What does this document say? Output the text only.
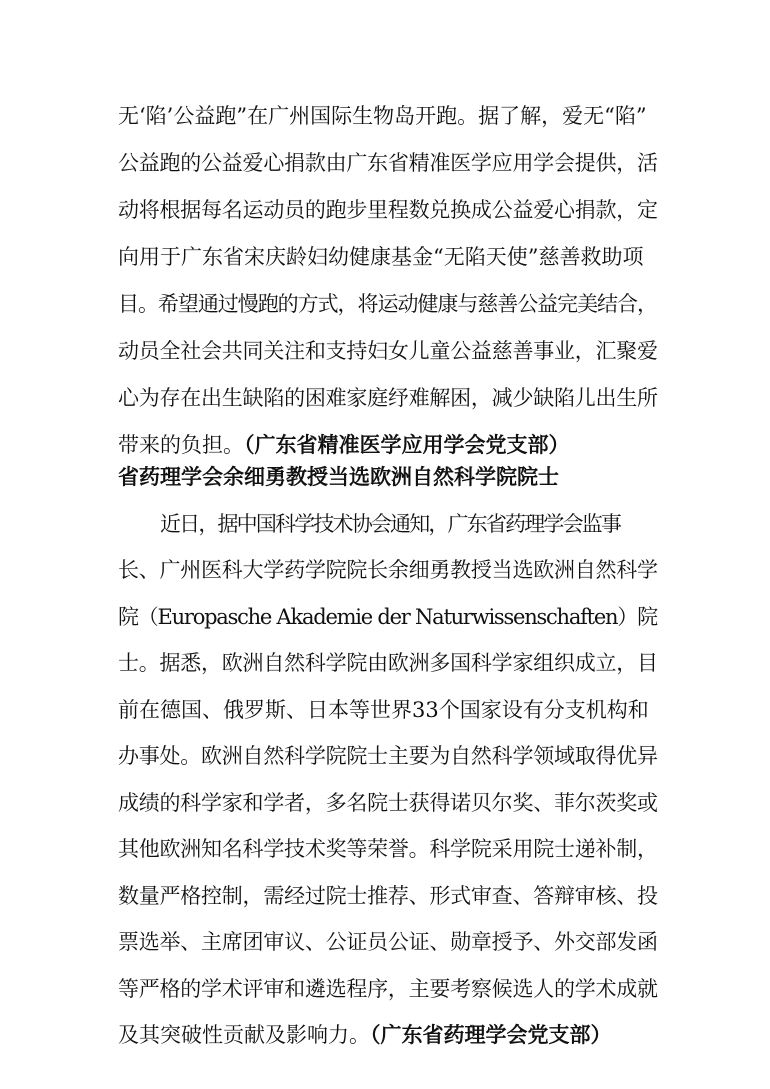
无‘陷’公益跑”在广州国际生物岛开跑。据了解，爱无“陷”
公益跑的公益爱心捐款由广东省精准医学应用学会提供，活
动将根据每名运动员的跑步里程数兑换成公益爱心捐款，定
向用于广东省宋庆龄妇幼健康基金“无陷天使”慈善救助项
目。希望通过慢跑的方式，将运动健康与慈善公益完美结合，
动员全社会共同关注和支持妇女儿童公益慈善事业，汇聚爱
心为存在出生缺陷的困难家庭纾难解困，减少缺陷儿出生所
带来的负担。（广东省精准医学应用学会党支部）
省药理学会余细勇教授当选欧洲自然科学院院士
近日，据中国科学技术协会通知，广东省药理学会监事
长、广州医科大学药学院院长余细勇教授当选欧洲自然科学
院（Europasche Akademie der Naturwissenschaften）院
士。据悉，欧洲自然科学院由欧洲多国科学家组织成立，目
前在德国、俄罗斯、日本等世界33个国家设有分支机构和
办事处。欧洲自然科学院院士主要为自然科学领域取得优异
成绩的科学家和学者，多名院士获得诺贝尔奖、菲尔茨奖或
其他欧洲知名科学技术奖等荣誉。科学院采用院士递补制，
数量严格控制，需经过院士推荐、形式审查、答辩审核、投
票选举、主席团审议、公证员公证、勋章授予、外交部发函
等严格的学术评审和遴选程序，主要考察候选人的学术成就
及其突破性贡献及影响力。（广东省药理学会党支部）
